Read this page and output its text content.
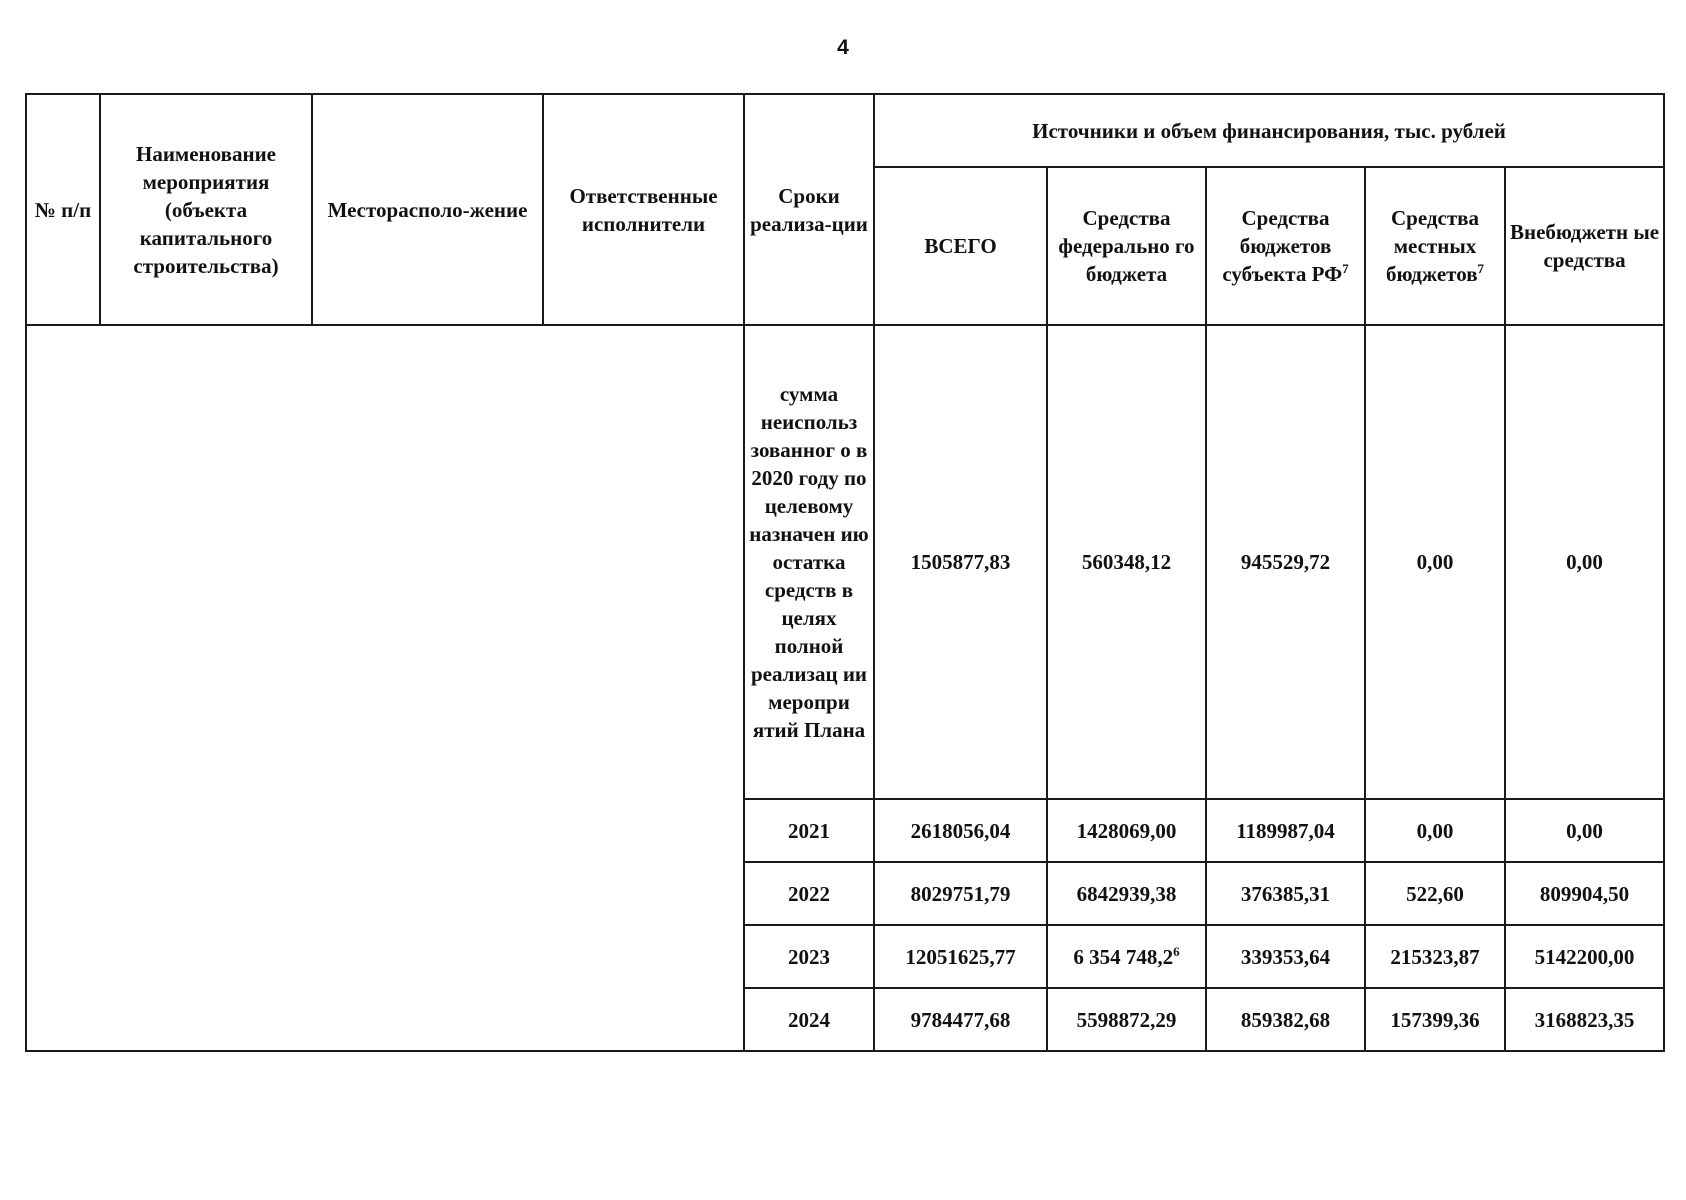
4
№ п/п	Наименование мероприятия (объекта капитального строительства)	Месторасполо-жение	Ответственные исполнители	Сроки реализа-ции	Источники и объем финансирования, тыс. рублей				
					ВСЕГО	Средства федерально го бюджета	Средства бюджетов субъекта $РФ^7$	Средства местных бюджетов$^7$	Внебюджетн ые средства
				сумма неиспольз зованног о в 2020 году по целевому назначен ию остатка средств в целях полной реализац ии меропри ятий Плана	1505877,83	560348,12	945529,72	0,00	0,00
				2021	2618056,04	1428069,00	1189987,04	0,00	0,00
				2022	8029751,79	6842939,38	376385,31	522,60	809904,50
				2023	12051625,77	6 354 748,2$^6$	339353,64	215323,87	5142200,00
				2024	9784477,68	5598872,29	859382,68	157399,36	3168823,35
